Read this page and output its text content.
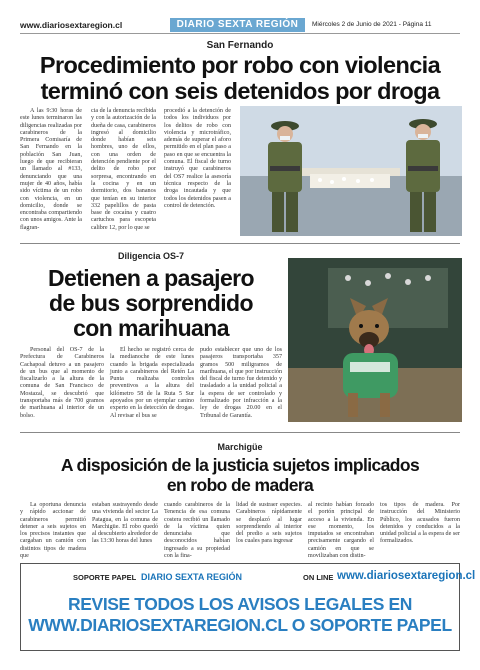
www.diariosextaregion.cl	DIARIO SEXTA REGIÓN	Miércoles 2 de Junio de 2021 - Página 11
San Fernando
Procedimiento por robo con violencia
terminó con seis detenidos por droga

A las 9:30 horas de este lunes terminaron las diligencias realizadas por carabineros de la Primera Comisaría de San Fernando en la población San Juan, luego de que recibieran un llamado al #133, denunciando que una mujer de 40 años, había sido víctima de un robo con violencia, en un domicilio, donde se encontraba compartiendo con unos amigos. Ante la flagran-

cia de la denuncia recibida y con la autorización de la dueña de casa, carabineros ingresó al domicilio donde habían seis hombres, uno de ellos, con una orden de detención pendiente por el delito de robo por sorpresa, encontrando en la cocina y en un dormitorio, dos bananos que tenían en su interior 332 papelillos de pasta base de cocaína y cuatro cartuchos para escopeta calibre 12, por lo que se

procedió a la detención de todos los individuos por los delitos de robo con violencia y microtráfico, además de superar el aforo permitido en el plan paso a paso en que se encuentra la comuna. El fiscal de turno instruyó que carabineros del OS7 realice la asesoría técnica respecto de la droga incautada y que todos los detenidos pasen a control de detención.

Diligencia OS-7
Detienen a pasajero
de bus sorprendido
con marihuana

Personal del OS-7 de la Prefectura de Carabineros Cachapoal detuvo a un pasajero de un bus que al momento de fiscalizarlo a la altura de la comuna de San Francisco de Mostazal, se descubrió que transportaba más de 700 gramos de marihuana al interior de un bolso.

El hecho se registró cerca de la medianoche de este lunes cuando la brigada especializada junto a carabineros del Retén La Punta realizaba controles preventivos a la altura del kilómetro 58 de la Ruta 5 Sur apoyados por un ejemplar canino experto en la detección de drogas. Al revisar el bus se

pudo establecer que uno de los pasajeros transportaba 357 gramos 500 miligramos de marihuana, el que por instrucción del fiscal de turno fue detenido y trasladado a la unidad policial a la espera de ser controlado y formalizado por infracción a la ley de drogas 20.00 en el Tribunal de Garantía.

Marchigüe
A disposición de la justicia sujetos implicados
en robo de madera

La oportuna denuncia y rápido accionar de carabineros permitió detener a seis sujetos en los precisos instantes que cargaban un camión con distintos tipos de madera que

estaban sustrayendo desde una vivienda del sector La Patagua, en la comuna de Marchigüe. El robo quedó al descubierto alrededor de las 13:30 horas del lunes

cuando carabineros de la Tenencia de esa comuna costera recibió un llamado de la víctima quien denunciaba que desconocidos habían ingresado a su propiedad con la fina-

lidad de sustraer especies. Carabineros rápidamente se desplazó al lugar sorprendiendo al interior del predio a seis sujetos los cuales para ingresar

al recinto habían forzado el portón principal de acceso a la vivienda. En ese momento, los imputados se encontraban precisamente cargando el camión en que se movilizaban con distin-

tos tipos de madera. Por instrucción del Ministerio Público, los acusados fueron detenidos y conducidos a la unidad policial a la espera de ser formalizados.

SOPORTE PAPEL DIARIO SEXTA REGIÓN	ON LINE www.diariosextaregion.cl
REVISE TODOS LOS AVISOS LEGALES EN
WWW.DIARIOSEXTAREGION.CL O SOPORTE PAPEL
